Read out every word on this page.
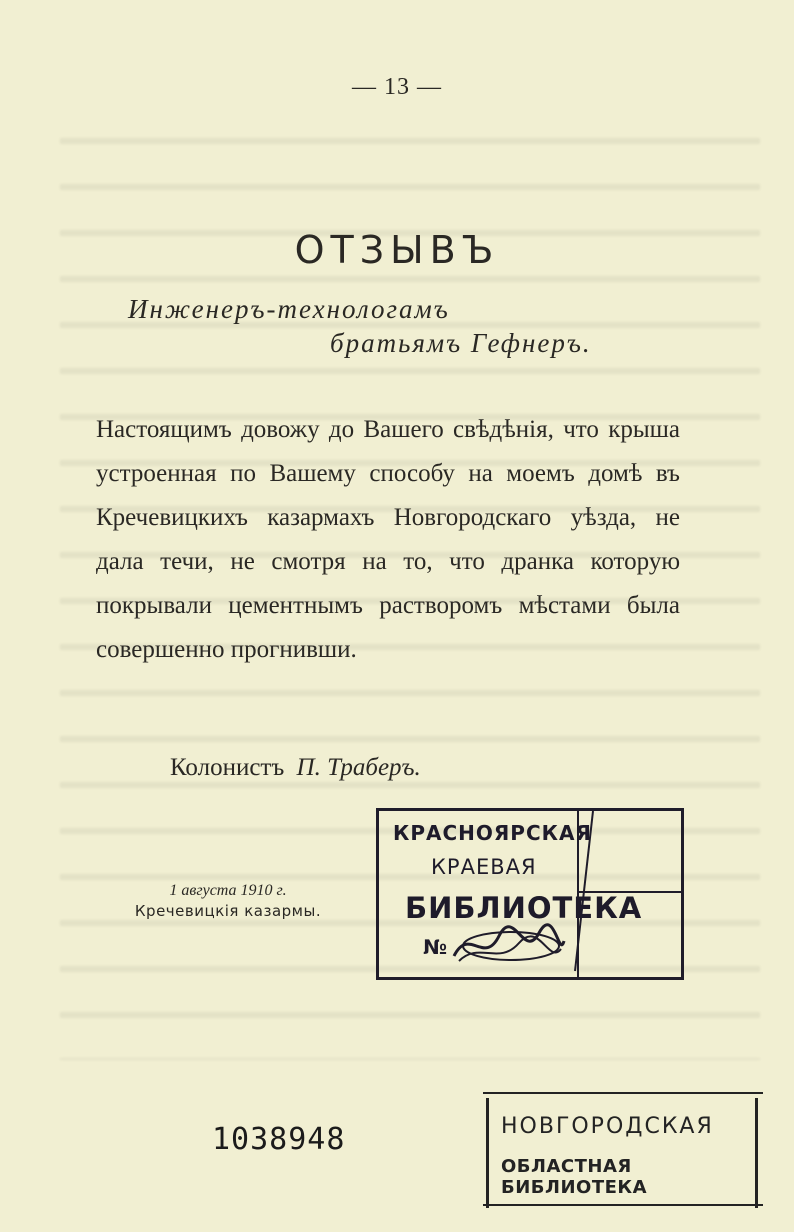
— 13 —
ОТЗЫВЪ
Инженеръ-технологамъ
братьямъ Гефнеръ.

Настоящимъ довожу до Вашего свѣдѣнія, что крыша устроенная по Вашему способу на моемъ домѣ въ Кречевицкихъ казармахъ Новгородскаго уѣзда, не дала течи, не смотря на то, что дранка которую покрывали цементнымъ растворомъ мѣстами была совершенно прогнивши.

Колонистъ П. Траберъ.
1 августа 1910 г.
Кречевицкія казармы.
КРАСНОЯРСКАЯ
КРАЕВАЯ
БИБЛИОТЕКА
№
1038948	НОВГОРОДСКАЯ
ОБЛАСТНАЯ БИБЛИОТЕКА
